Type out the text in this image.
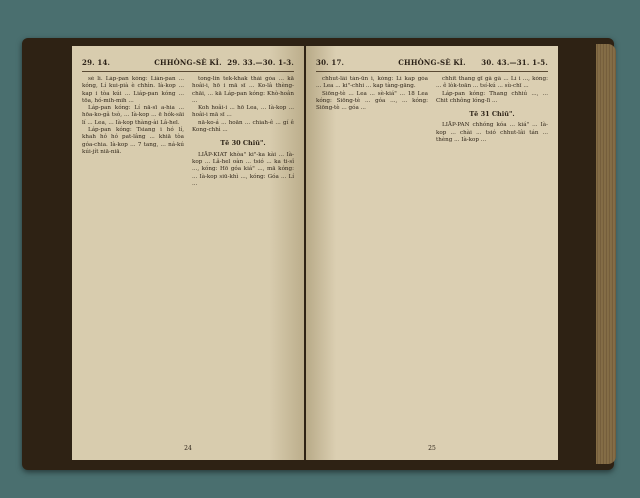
29. 14.	CHHÒNG-SÈ KÌ. 29. 33.—30. 1-3.

sè lí. Láp-pan kóng: Lián-pan ... kóng, Lí kui-pià è chhìn. Ià-kop ... kap i tòa kúi ... Liáp-pan kóng ... tōa, hó-mih-mih ...

Láp-pan kóng: Lí nā-sī a-hia ... hōa-ko-gâ tsò, ... Ià-kop ... ē ho̍k-sāi lí ... Lea, ... Ià-kop thàng-ài Lâ-hel.

Láp-pan kóng: Tsiang i hó lí, khah hó hó pat-lâng ... khiā tòa góa-chia. Ià-kop ... 7 tang, ... ná-kú kúi-ji̍t niā-niā.

tong-lin tek-khak thài góa ... kā hoâi-i, hō i mā sī ... Ko-lâ thèng-chāi, ... kā Láp-pan kóng: Khò-hoân ...

Koh hoâi-i ... hō Lea, ... Ià-kop ... hoâi-i mā sī ...

nā-ko-á ... hoān ... chiah-ê ... gí ê Kong-chhì ...

Tē 30 Chiū".

LIĀP-KIAT khòa" ki"-ka kài ... Ià-kop ... Lâ-hel oàn ... tsió ... ka ti-sî ..., kóng: Hō góa kiá" ..., mā kóng: ... Ià-kop siū-khì ..., kóng: Góa ... Lí ...

24
30. 17.	CHHÒNG-SÈ KÌ.	30. 43.—31. 1-5.

chhut-lâi tàn-ūn i, kóng: Lí kap góa ... Lea ... ki"-chhi ... kap tàng-gāng.

Siōng-tè ... Lea ... sè-kiá" ... 18 Lea kóng: Siōng-tè ... góa ..., ... kóng: Siōng-tè ... góa ...

chhit thang gī gâ gâ ... Lí i ..., kóng: ... ê lo̍k-toān ... tsí-kú ... sù-chī ...

Láp-pan kóng: Thang chhiú ..., ... Chit chhông lóng-lī ...

Tē 31 Chiū".

LIĀP-PAN chhóng kóa ... kiá" ... Ià-kop ... chài ... tsió chhut-lâi tán ... thèng ... Ià-kop ...

25
